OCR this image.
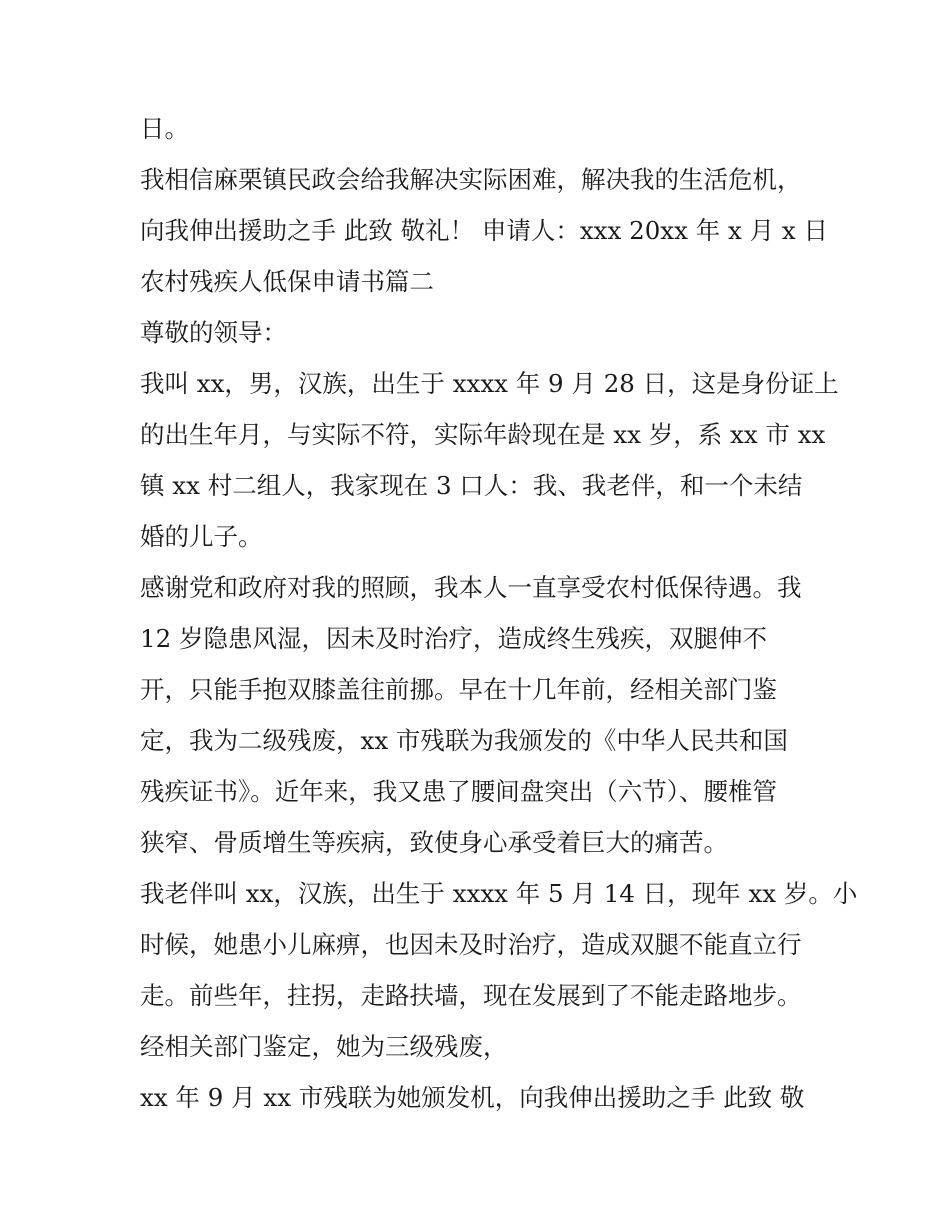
日。
我相信麻栗镇民政会给我解决实际困难，解决我的生活危机，
向我伸出援助之手 此致 敬礼！ 申请人：xxx 20xx 年 x 月 x 日
农村残疾人低保申请书篇二
尊敬的领导：
我叫 xx，男，汉族，出生于 xxxx 年 9 月 28 日，这是身份证上
的出生年月，与实际不符，实际年龄现在是 xx 岁，系 xx 市 xx
镇 xx 村二组人，我家现在 3 口人：我、我老伴，和一个未结
婚的儿子。
感谢党和政府对我的照顾，我本人一直享受农村低保待遇。我
12 岁隐患风湿，因未及时治疗，造成终生残疾，双腿伸不
开，只能手抱双膝盖往前挪。早在十几年前，经相关部门鉴
定，我为二级残废，xx 市残联为我颁发的《中华人民共和国
残疾证书》。近年来，我又患了腰间盘突出（六节）、腰椎管
狭窄、骨质增生等疾病，致使身心承受着巨大的痛苦。
我老伴叫 xx，汉族，出生于 xxxx 年 5 月 14 日，现年 xx 岁。小
时候，她患小儿麻痹，也因未及时治疗，造成双腿不能直立行
走。前些年，拄拐，走路扶墙，现在发展到了不能走路地步。
经相关部门鉴定，她为三级残废，
xx 年 9 月 xx 市残联为她颁发机，向我伸出援助之手 此致 敬
